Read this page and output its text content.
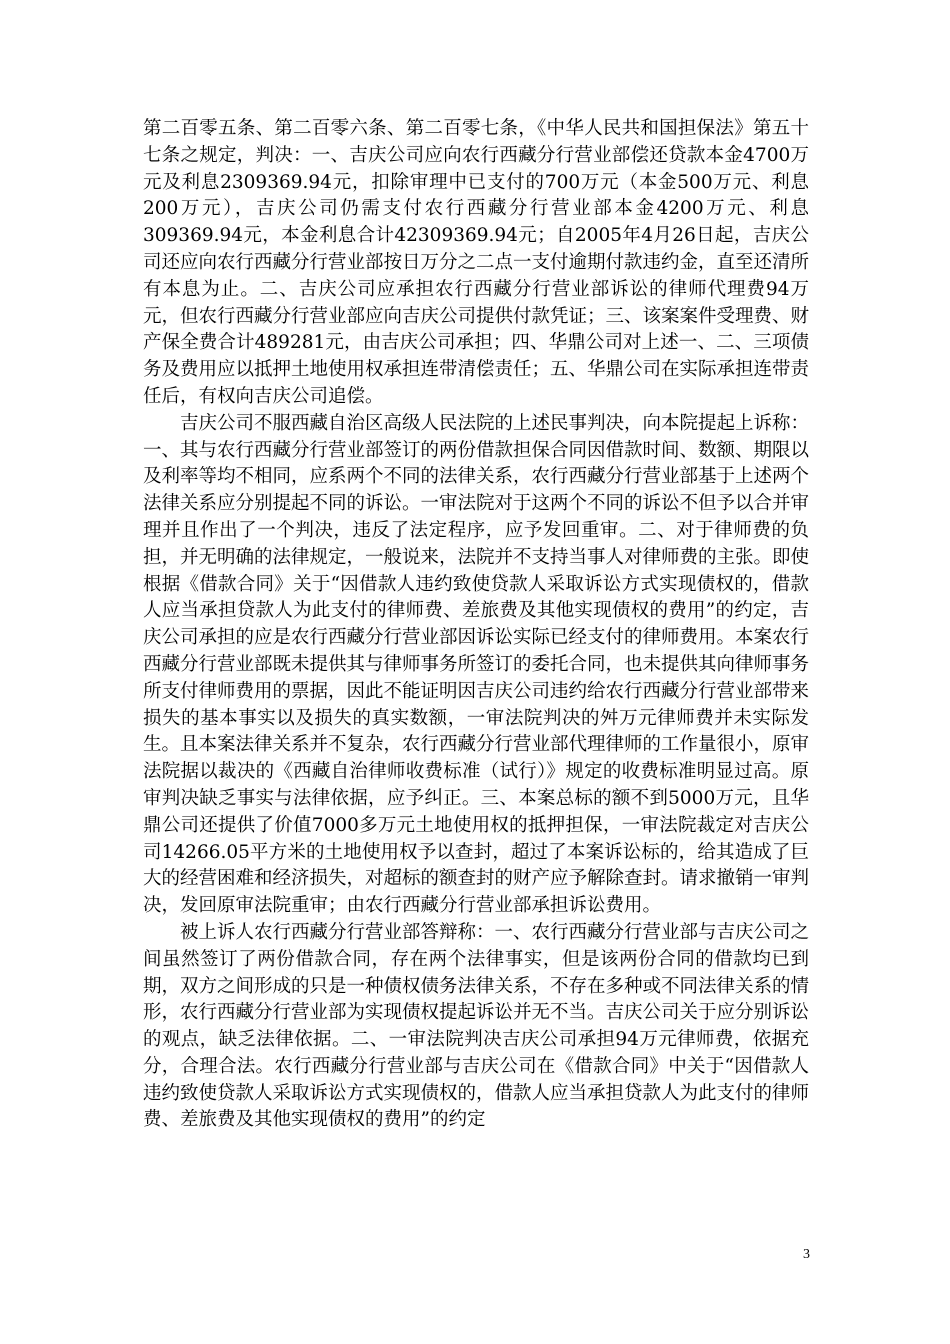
第二百零五条、第二百零六条、第二百零七条，《中华人民共和国担保法》第五十七条之规定，判决：一、吉庆公司应向农行西藏分行营业部偿还贷款本金4700万元及利息2309369.94元，扣除审理中已支付的700万元（本金500万元、利息200万元），吉庆公司仍需支付农行西藏分行营业部本金4200万元、利息309369.94元，本金利息合计42309369.94元；自2005年4月26日起，吉庆公司还应向农行西藏分行营业部按日万分之二点一支付逾期付款违约金，直至还清所有本息为止。二、吉庆公司应承担农行西藏分行营业部诉讼的律师代理费94万元，但农行西藏分行营业部应向吉庆公司提供付款凭证；三、该案案件受理费、财产保全费合计489281元，由吉庆公司承担；四、华鼎公司对上述一、二、三项债务及费用应以抵押土地使用权承担连带清偿责任；五、华鼎公司在实际承担连带责任后，有权向吉庆公司追偿。

吉庆公司不服西藏自治区高级人民法院的上述民事判决，向本院提起上诉称：一、其与农行西藏分行营业部签订的两份借款担保合同因借款时间、数额、期限以及利率等均不相同，应系两个不同的法律关系，农行西藏分行营业部基于上述两个法律关系应分别提起不同的诉讼。一审法院对于这两个不同的诉讼不但予以合并审理并且作出了一个判决，违反了法定程序，应予发回重审。二、对于律师费的负担，并无明确的法律规定，一般说来，法院并不支持当事人对律师费的主张。即使根据《借款合同》关于“因借款人违约致使贷款人采取诉讼方式实现债权的，借款人应当承担贷款人为此支付的律师费、差旅费及其他实现债权的费用”的约定，吉庆公司承担的应是农行西藏分行营业部因诉讼实际已经支付的律师费用。本案农行西藏分行营业部既未提供其与律师事务所签订的委托合同，也未提供其向律师事务所支付律师费用的票据，因此不能证明因吉庆公司违约给农行西藏分行营业部带来损失的基本事实以及损失的真实数额，一审法院判决的舛万元律师费并未实际发生。且本案法律关系并不复杂，农行西藏分行营业部代理律师的工作量很小，原审法院据以裁决的《西藏自治律师收费标准（试行）》规定的收费标准明显过高。原审判决缺乏事实与法律依据，应予纠正。三、本案总标的额不到5000万元，且华鼎公司还提供了价值7000多万元土地使用权的抵押担保，一审法院裁定对吉庆公司14266.05平方米的土地使用权予以查封，超过了本案诉讼标的，给其造成了巨大的经营困难和经济损失，对超标的额查封的财产应予解除查封。请求撤销一审判决，发回原审法院重审；由农行西藏分行营业部承担诉讼费用。

被上诉人农行西藏分行营业部答辩称：一、农行西藏分行营业部与吉庆公司之间虽然签订了两份借款合同，存在两个法律事实，但是该两份合同的借款均已到期，双方之间形成的只是一种债权债务法律关系，不存在多种或不同法律关系的情形，农行西藏分行营业部为实现债权提起诉讼并无不当。吉庆公司关于应分别诉讼的观点，缺乏法律依据。二、一审法院判决吉庆公司承担94万元律师费，依据充分，合理合法。农行西藏分行营业部与吉庆公司在《借款合同》中关于“因借款人违约致使贷款人采取诉讼方式实现债权的，借款人应当承担贷款人为此支付的律师费、差旅费及其他实现债权的费用”的约定

3
